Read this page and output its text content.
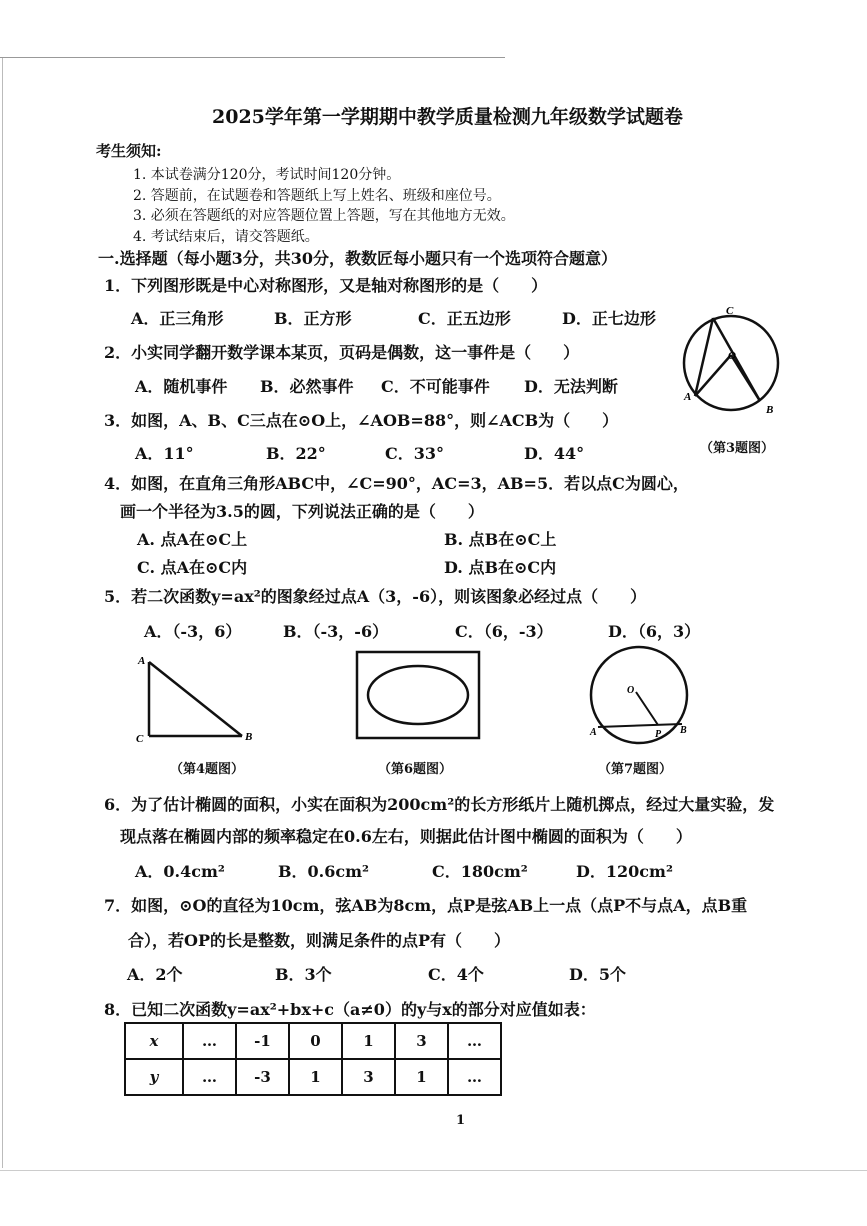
2025学年第一学期期中教学质量检测九年级数学试题卷
考生须知:
1. 本试卷满分120分，考试时间120分钟。
2. 答题前，在试题卷和答题纸上写上姓名、班级和座位号。
3. 必须在答题纸的对应答题位置上答题，写在其他地方无效。
4. 考试结束后，请交答题纸。
一.选择题（每小题3分，共30分，教数匠每小题只有一个选项符合题意）
1．下列图形既是中心对称图形，又是轴对称图形的是（　　）
A．正三角形	B．正方形	C．正五边形	D．正七边形
2．小实同学翻开数学课本某页，页码是偶数，这一事件是（　　）
A．随机事件 B．必然事件 C．不可能事件 D．无法判断
3．如图，A、B、C三点在⊙O上，∠AOB=88°，则∠ACB为（　　）
A．11°	B．22°	C．33°	D．44°
C
O
A
B
（第3题图）
4．如图，在直角三角形ABC中，∠C=90°，AC=3，AB=5．若以点C为圆心，
画一个半径为3.5的圆，下列说法正确的是（　　）
A. 点A在⊙C上	B. 点B在⊙C上
C. 点A在⊙C内	D. 点B在⊙C内
5．若二次函数y=ax²的图象经过点A（3，-6），则该图象必经过点（　　）
A．（-3，6）	B．（-3，-6）	C．（6，-3）	D．（6，3）
A
C	B
（第4题图）	（第6题图）
O
A	P B
（第7题图）
6．为了估计椭圆的面积，小实在面积为200cm²的长方形纸片上随机掷点，经过大量实验，发
现点落在椭圆内部的频率稳定在0.6左右，则据此估计图中椭圆的面积为（　　）
A．0.4cm²	B．0.6cm²	C．180cm²	D．120cm²
7．如图，⊙O的直径为10cm，弦AB为8cm，点P是弦AB上一点（点P不与点A，点B重
合），若OP的长是整数，则满足条件的点P有（　　）
A．2个	B．3个	C．4个	D．5个
8．已知二次函数y=ax²+bx+c（a≠0）的y与x的部分对应值如表：
x	…	-1	0	1	3	…
y	…	-3	1	3	1	…
1
